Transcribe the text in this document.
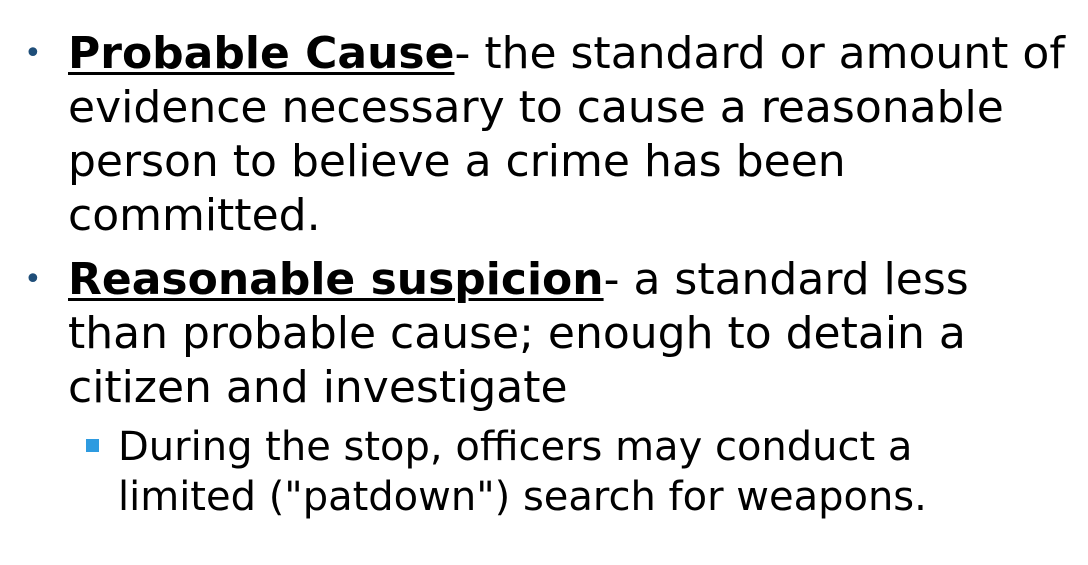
• Probable Cause- the standard or amount of evidence necessary to cause a reasonable person to believe a crime has been committed.
• Reasonable suspicion- a standard less than probable cause; enough to detain a citizen and investigate
During the stop, officers may conduct a limited ("patdown") search for weapons.
